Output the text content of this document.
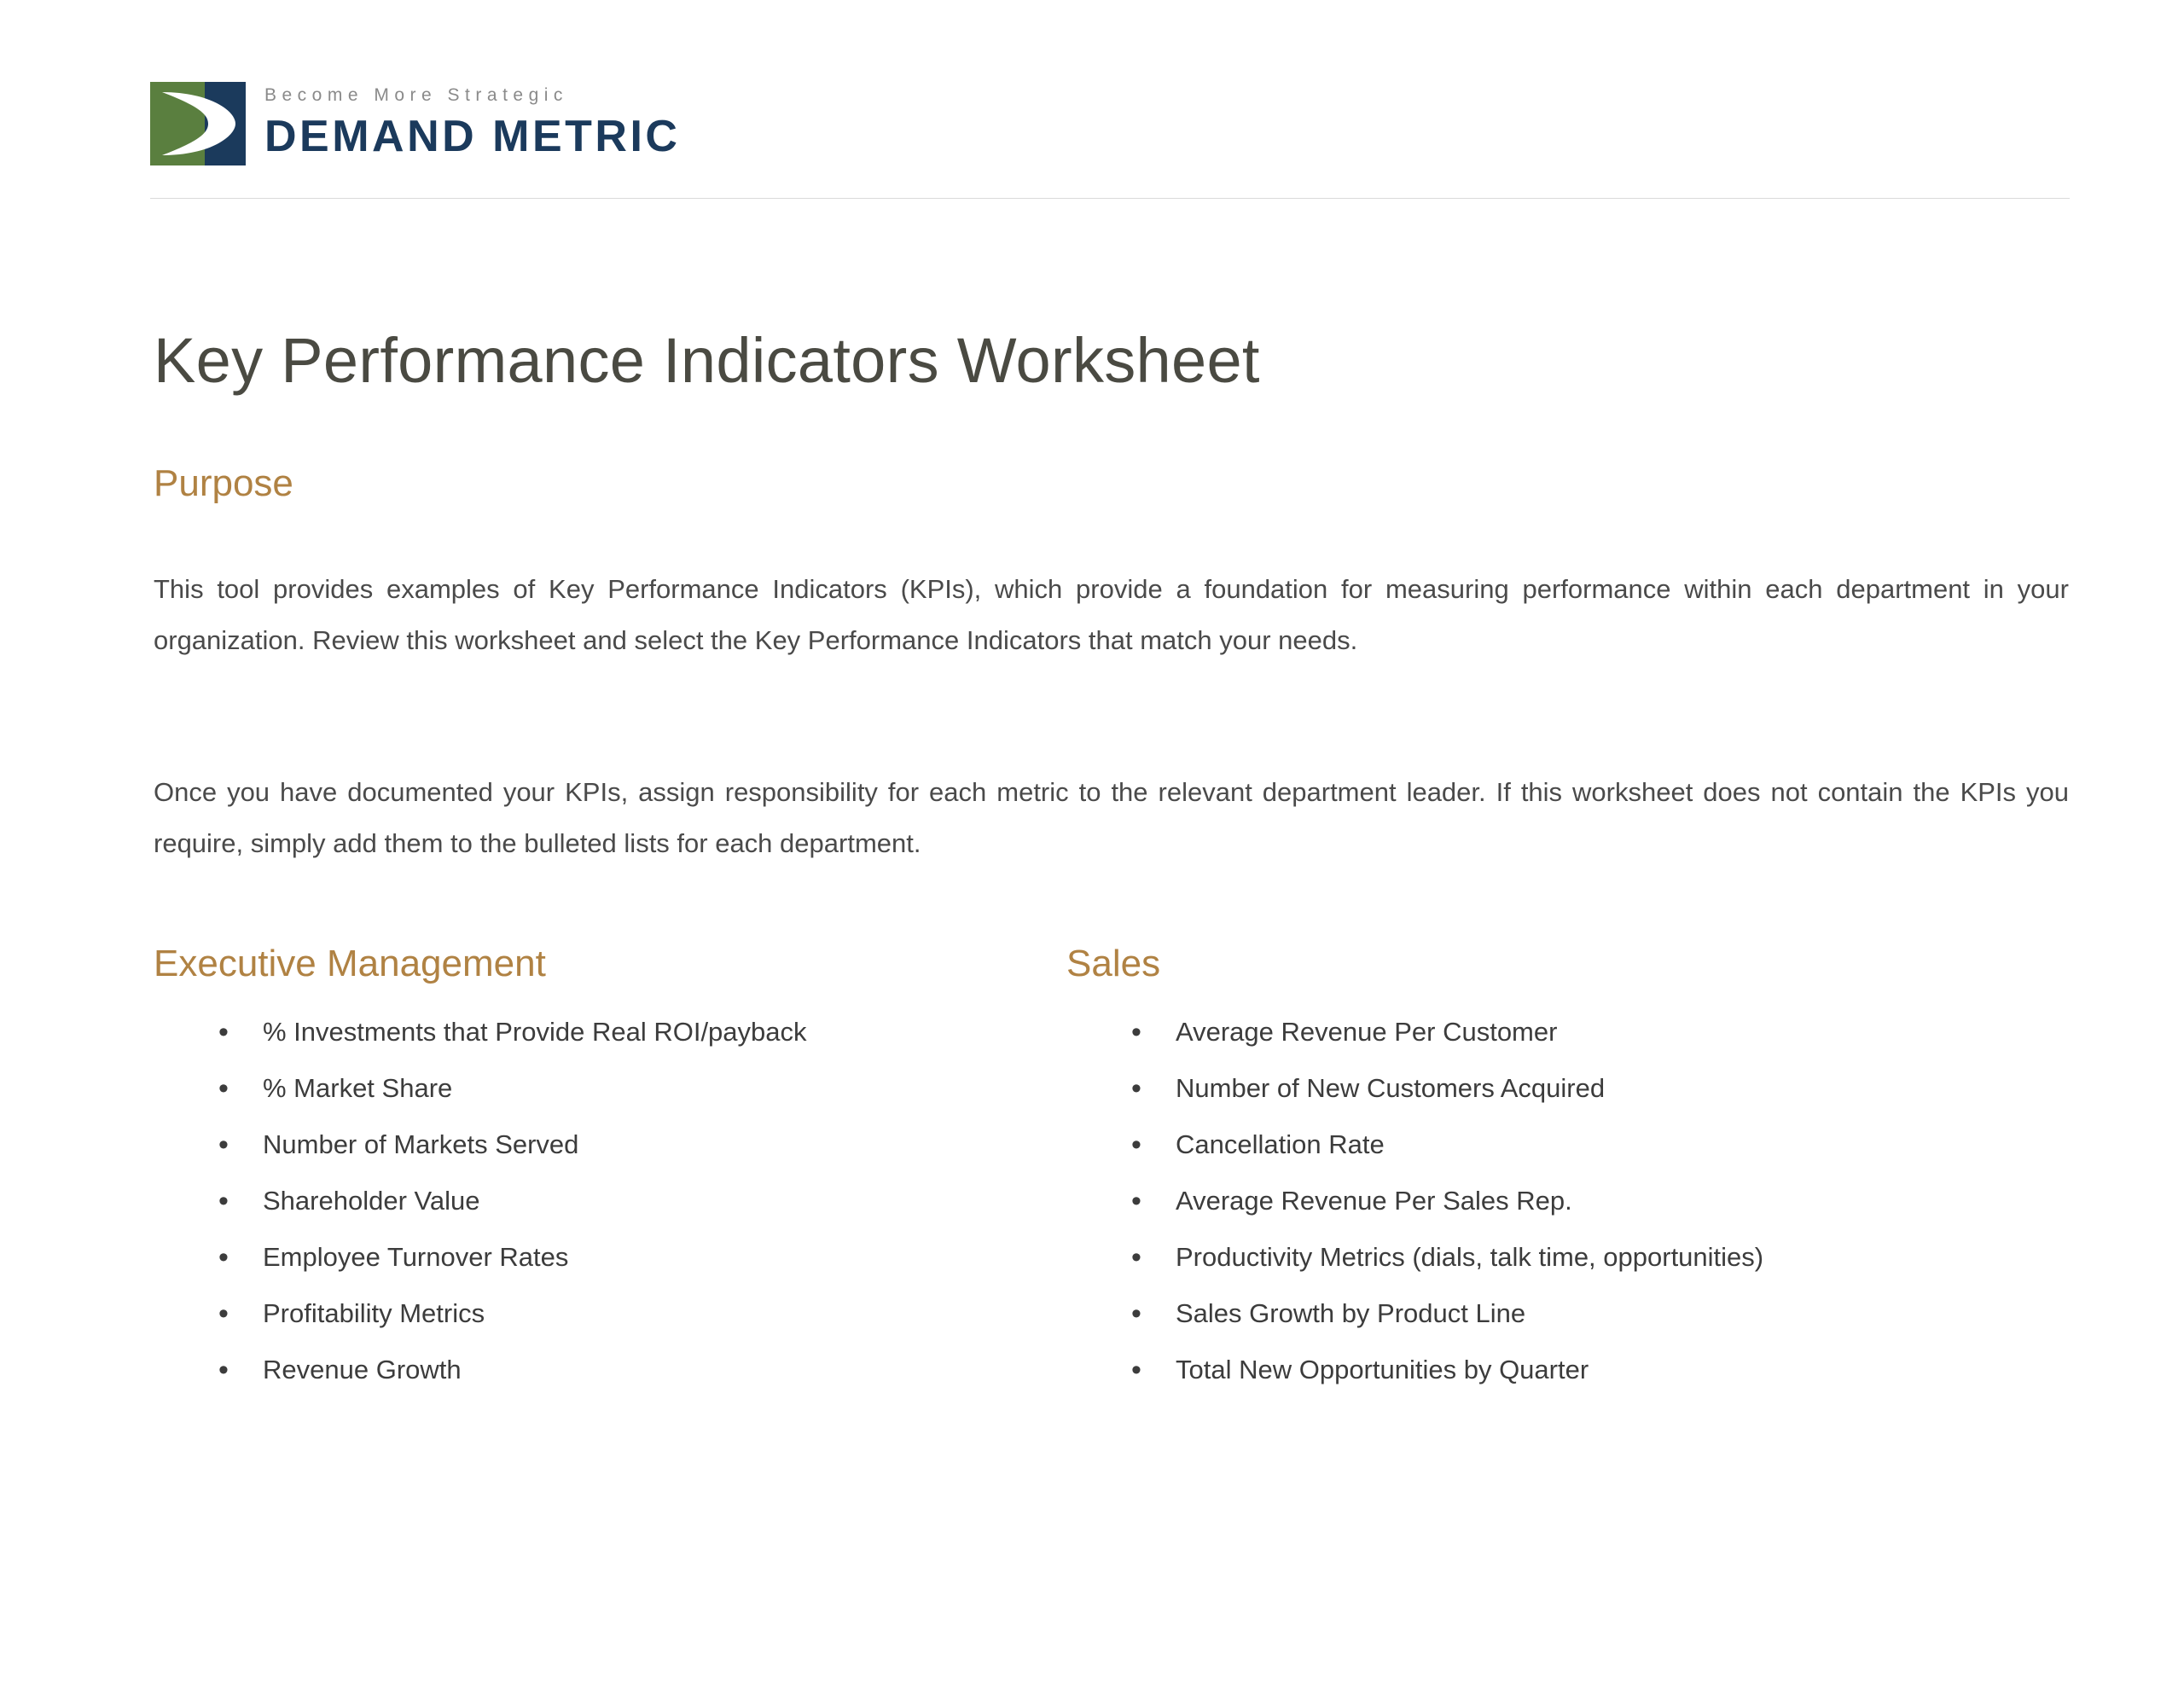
Become More Strategic
DEMAND METRIC
Key Performance Indicators Worksheet
Purpose

This tool provides examples of Key Performance Indicators (KPIs), which provide a foundation for measuring performance within each department in your organization. Review this worksheet and select the Key Performance Indicators that match your needs.

Once you have documented your KPIs, assign responsibility for each metric to the relevant department leader. If this worksheet does not contain the KPIs you require, simply add them to the bulleted lists for each department.

Executive Management
• % Investments that Provide Real ROI/payback
• % Market Share
• Number of Markets Served
• Shareholder Value
• Employee Turnover Rates
• Profitability Metrics
• Revenue Growth
Sales
• Average Revenue Per Customer
• Number of New Customers Acquired
• Cancellation Rate
• Average Revenue Per Sales Rep.
• Productivity Metrics (dials, talk time, opportunities)
• Sales Growth by Product Line
• Total New Opportunities by Quarter
